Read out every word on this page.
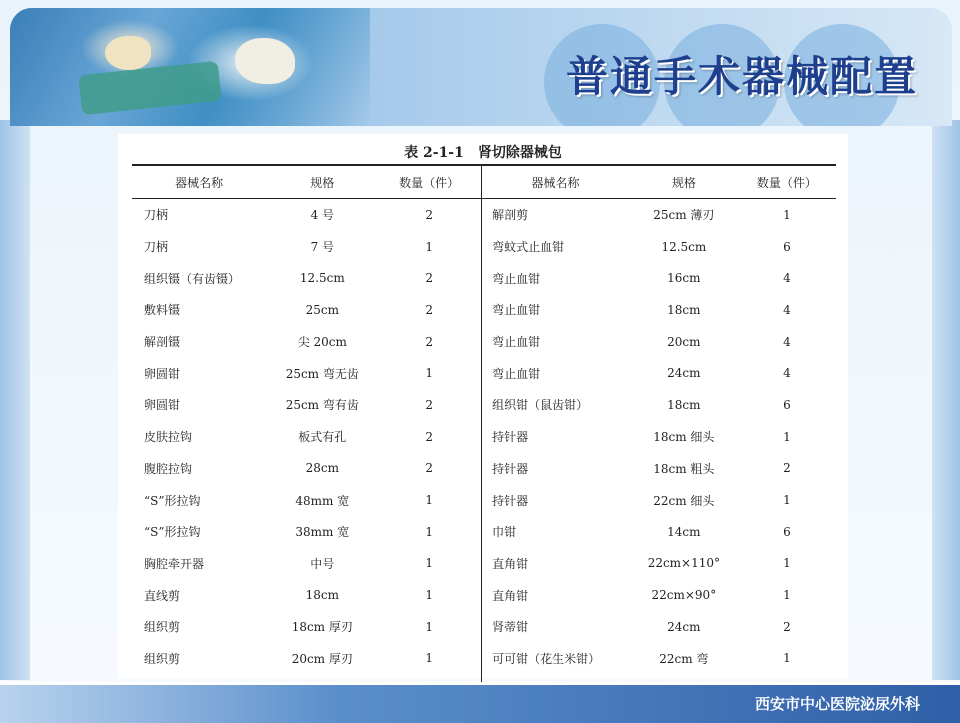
普通手术器械配置
表 2-1-1　肾切除器械包
器械名称	规格	数量（件）	器械名称	规格	数量（件）
刀柄	4 号	2	解剖剪	25cm 薄刃	1
刀柄	7 号	1	弯蚊式止血钳	12.5cm	6
组织镊（有齿镊）	12.5cm	2	弯止血钳	16cm	4
敷料镊	25cm	2	弯止血钳	18cm	4
解剖镊	尖 20cm	2	弯止血钳	20cm	4
卵圆钳	25cm 弯无齿	1	弯止血钳	24cm	4
卵圆钳	25cm 弯有齿	2	组织钳（鼠齿钳）	18cm	6
皮肤拉钩	板式有孔	2	持针器	18cm 细头	1
腹腔拉钩	28cm	2	持针器	18cm 粗头	2
“S”形拉钩	48mm 宽	1	持针器	22cm 细头	1
“S”形拉钩	38mm 宽	1	巾钳	14cm	6
胸腔牵开器	中号	1	直角钳	22cm×110°	1
直线剪	18cm	1	直角钳	22cm×90°	1
组织剪	18cm 厚刃	1	肾蒂钳	24cm	2
组织剪	20cm 厚刃	1	可可钳（花生米钳）	22cm 弯	1

西安市中心医院泌尿外科
